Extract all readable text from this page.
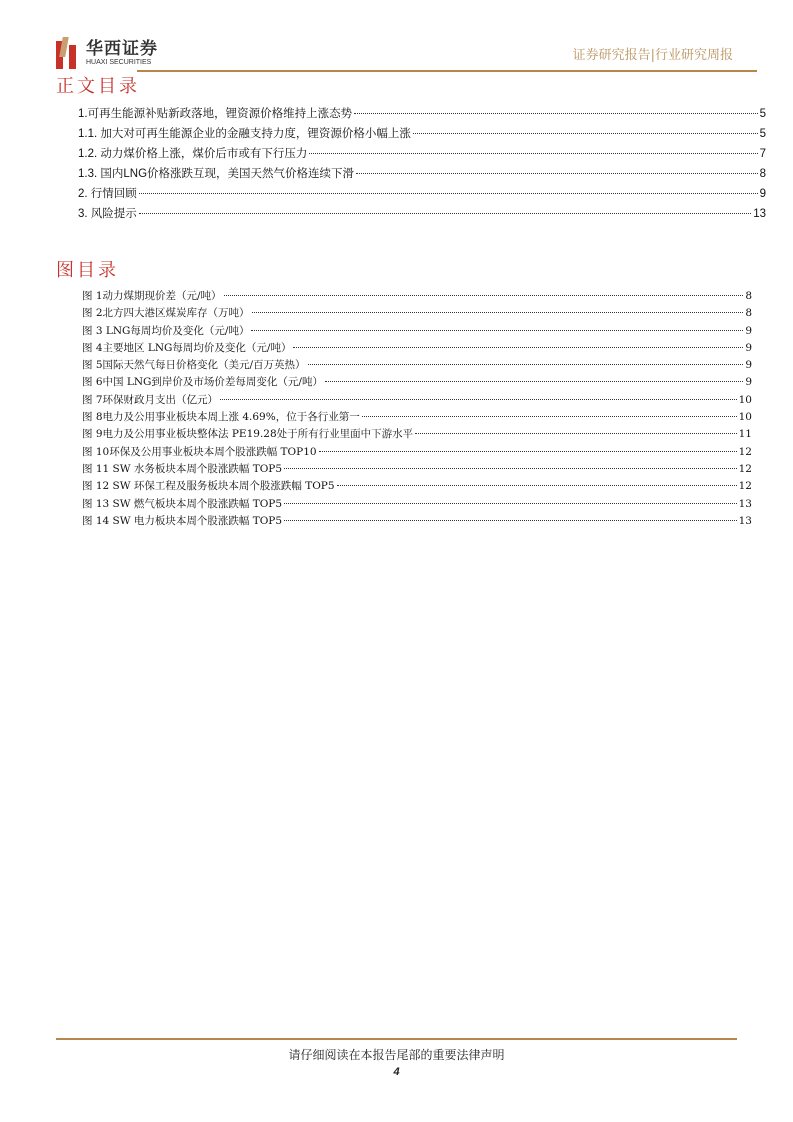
华西证券
HUAXI SECURITIES	证券研究报告|行业研究周报
正文目录
1.可再生能源补贴新政落地，锂资源价格维持上涨态势	5
1.1. 加大对可再生能源企业的金融支持力度，锂资源价格小幅上涨	5
1.2. 动力煤价格上涨，煤价后市或有下行压力	7
1.3. 国内LNG价格涨跌互现，美国天然气价格连续下滑	8
2. 行情回顾	9
3. 风险提示	13
图目录
图 1动力煤期现价差（元/吨）	8
图 2北方四大港区煤炭库存（万吨）	8
图 3 LNG每周均价及变化（元/吨）	9
图 4主要地区 LNG每周均价及变化（元/吨）	9
图 5国际天然气每日价格变化（美元/百万英热）	9
图 6中国 LNG到岸价及市场价差每周变化（元/吨）	9
图 7环保财政月支出（亿元）	10
图 8电力及公用事业板块本周上涨 4.69%，位于各行业第一	10
图 9电力及公用事业板块整体法 PE19.28处于所有行业里面中下游水平	11
图 10环保及公用事业板块本周个股涨跌幅 TOP10	12
图 11 SW 水务板块本周个股涨跌幅 TOP5	12
图 12 SW 环保工程及服务板块本周个股涨跌幅 TOP5	12
图 13 SW 燃气板块本周个股涨跌幅 TOP5	13
图 14 SW 电力板块本周个股涨跌幅 TOP5	13
请仔细阅读在本报告尾部的重要法律声明
4
